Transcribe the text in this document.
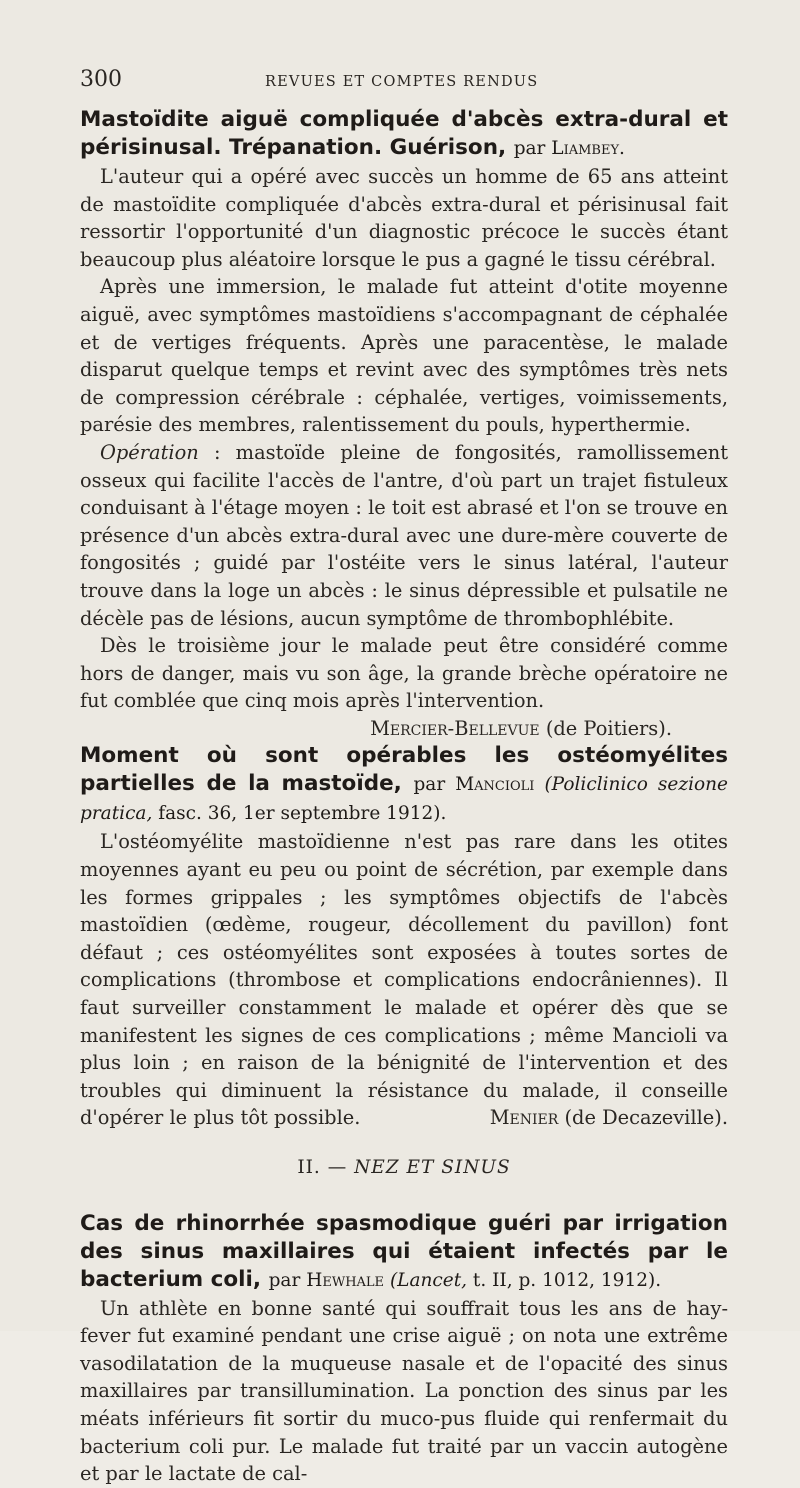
300	REVUES ET COMPTES RENDUS
Mastoïdite aiguë compliquée d'abcès extra-dural et périsinusal. Trépanation. Guérison, par Liambey.

L'auteur qui a opéré avec succès un homme de 65 ans atteint de mastoïdite compliquée d'abcès extra-dural et périsinusal fait ressortir l'opportunité d'un diagnostic précoce le succès étant beaucoup plus aléatoire lorsque le pus a gagné le tissu cérébral.

Après une immersion, le malade fut atteint d'otite moyenne aiguë, avec symptômes mastoïdiens s'accompagnant de céphalée et de vertiges fréquents. Après une paracentèse, le malade disparut quelque temps et revint avec des symptômes très nets de compression cérébrale : céphalée, vertiges, voimissements, parésie des membres, ralentissement du pouls, hyperthermie.

Opération : mastoïde pleine de fongosités, ramollissement osseux qui facilite l'accès de l'antre, d'où part un trajet fistuleux conduisant à l'étage moyen : le toit est abrasé et l'on se trouve en présence d'un abcès extra-dural avec une dure-mère couverte de fongosités ; guidé par l'ostéite vers le sinus latéral, l'auteur trouve dans la loge un abcès : le sinus dépressible et pulsatile ne décèle pas de lésions, aucun symptôme de thrombophlébite.

Dès le troisième jour le malade peut être considéré comme hors de danger, mais vu son âge, la grande brèche opératoire ne fut comblée que cinq mois après l'intervention.

Mercier-Bellevue (de Poitiers).
Moment où sont opérables les ostéomyélites partielles de la mastoïde, par Mancioli (Policlinico sezione pratica, fasc. 36, 1er septembre 1912).

L'ostéomyélite mastoïdienne n'est pas rare dans les otites moyennes ayant eu peu ou point de sécrétion, par exemple dans les formes grippales ; les symptômes objectifs de l'abcès mastoïdien (œdème, rougeur, décollement du pavillon) font défaut ; ces ostéomyélites sont exposées à toutes sortes de complications (thrombose et complications endocrâniennes). Il faut surveiller constamment le malade et opérer dès que se manifestent les signes de ces complications ; même Mancioli va plus loin ; en raison de la bénignité de l'intervention et des troubles qui diminuent la résistance du malade, il conseille d'opérer le plus tôt possible.	Menier (de Decazeville).

II. — NEZ ET SINUS
Cas de rhinorrhée spasmodique guéri par irrigation des sinus maxillaires qui étaient infectés par le bacterium coli, par Hewhale (Lancet, t. II, p. 1012, 1912).

Un athlète en bonne santé qui souffrait tous les ans de hay-fever fut examiné pendant une crise aiguë ; on nota une extrême vasodilatation de la muqueuse nasale et de l'opacité des sinus maxillaires par transillumination. La ponction des sinus par les méats inférieurs fit sortir du muco-pus fluide qui renfermait du bacterium coli pur. Le malade fut traité par un vaccin autogène et par le lactate de cal-
